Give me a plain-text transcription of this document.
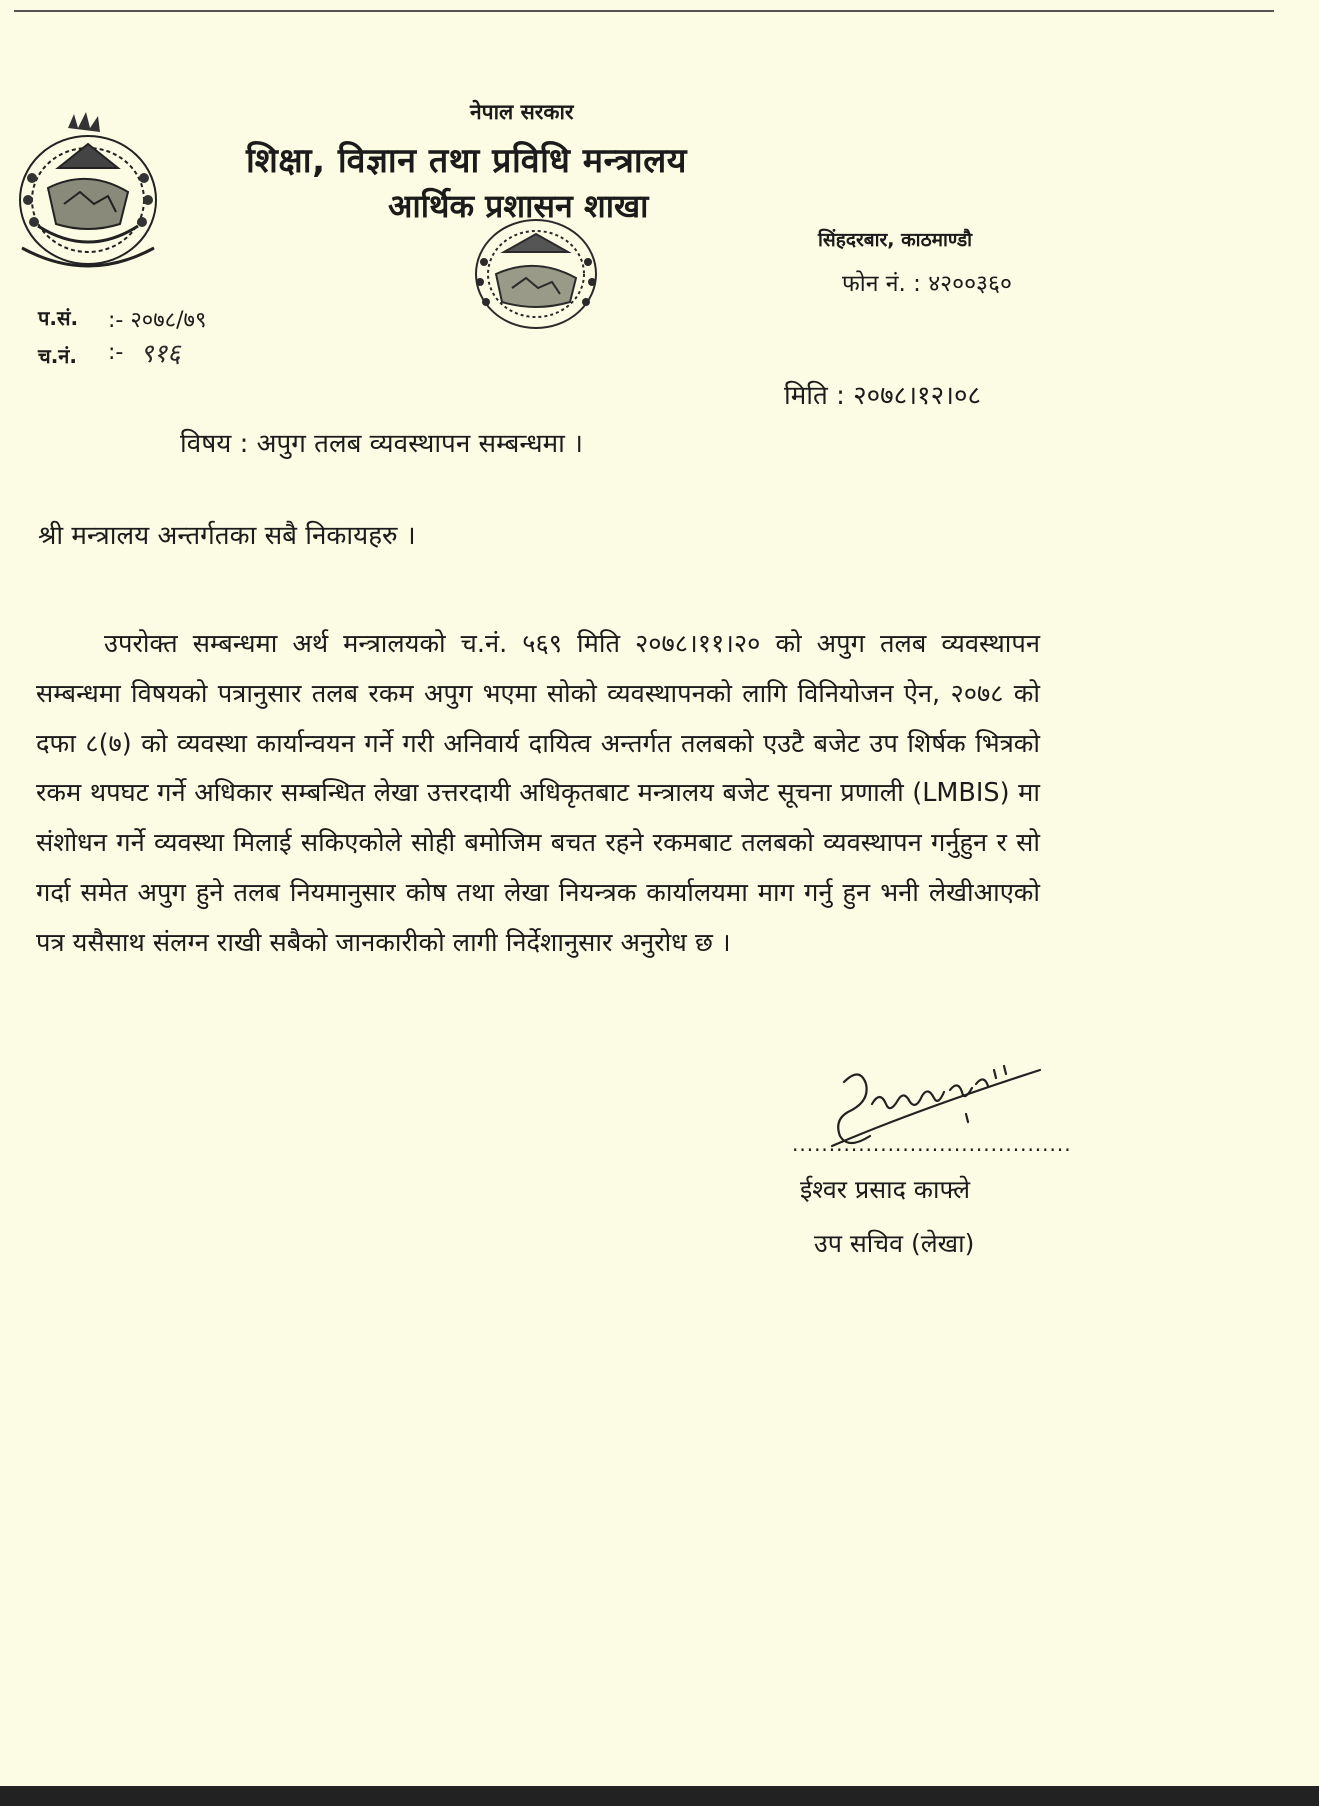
नेपाल सरकार
शिक्षा, विज्ञान तथा प्रविधि मन्त्रालय
आर्थिक प्रशासन शाखा
सिंहदरबार, काठमाण्डौ
फोन नं. : ४२००३६०
प.सं. :- २०७८/७९
च.नं. :- ९१६
मिति : २०७८।१२।०८
विषय : अपुग तलब व्यवस्थापन सम्बन्धमा ।
श्री मन्त्रालय अन्तर्गतका सबै निकायहरु ।

उपरोक्त सम्बन्धमा अर्थ मन्त्रालयको च.नं. ५६९ मिति २०७८।११।२० को अपुग तलब व्यवस्थापन सम्बन्धमा विषयको पत्रानुसार तलब रकम अपुग भएमा सोको व्यवस्थापनको लागि विनियोजन ऐन, २०७८ को दफा ८(७) को व्यवस्था कार्यान्वयन गर्ने गरी अनिवार्य दायित्व अन्तर्गत तलबको एउटै बजेट उप शिर्षक भित्रको रकम थपघट गर्ने अधिकार सम्बन्धित लेखा उत्तरदायी अधिकृतबाट मन्त्रालय बजेट सूचना प्रणाली (LMBIS) मा संशोधन गर्ने व्यवस्था मिलाई सकिएकोले सोही बमोजिम बचत रहने रकमबाट तलबको व्यवस्थापन गर्नुहुन र सो गर्दा समेत अपुग हुने तलब नियमानुसार कोष तथा लेखा नियन्त्रक कार्यालयमा माग गर्नु हुन भनी लेखीआएको पत्र यसैसाथ संलग्न राखी सबैको जानकारीको लागी निर्देशानुसार अनुरोध छ ।

......................................
ईश्वर प्रसाद काफ्ले
उप सचिव (लेखा)
